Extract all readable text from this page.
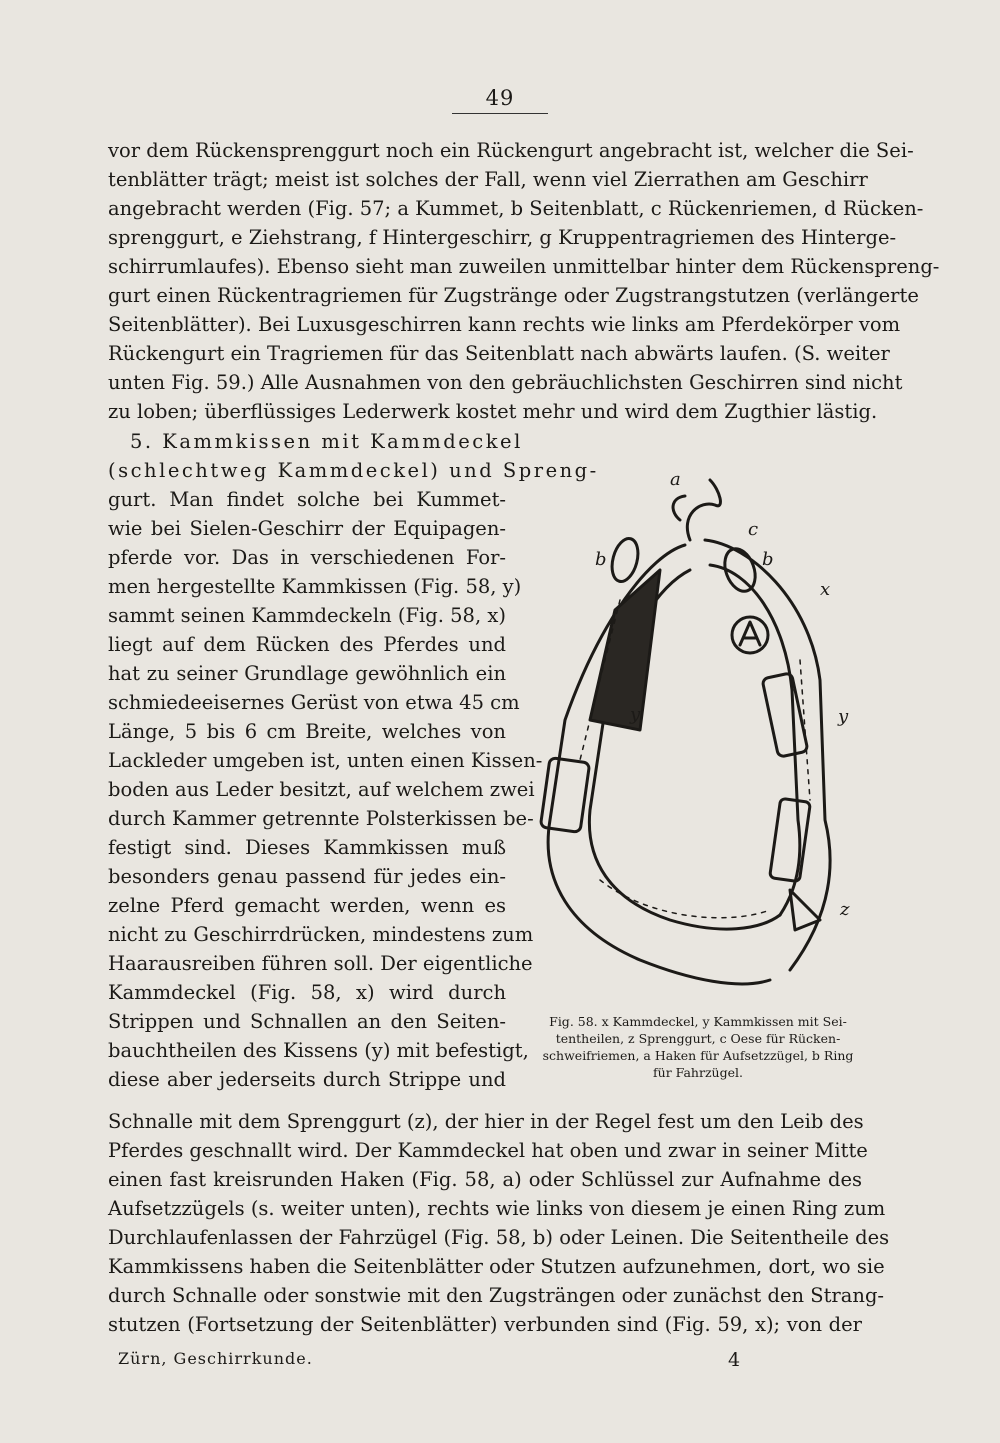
49
vor dem Rückensprenggurt noch ein Rückengurt angebracht ist, welcher die Sei-
tenblätter trägt; meist ist solches der Fall, wenn viel Zierrathen am Geschirr
angebracht werden (Fig. 57; a Kummet, b Seitenblatt, c Rückenriemen, d Rücken-
sprenggurt, e Ziehstrang, f Hintergeschirr, g Kruppentragriemen des Hinterge-
schirrumlaufes). Ebenso sieht man zuweilen unmittelbar hinter dem Rückenspreng-
gurt einen Rückentragriemen für Zugstränge oder Zugstrangstutzen (verlängerte
Seitenblätter). Bei Luxusgeschirren kann rechts wie links am Pferdekörper vom
Rückengurt ein Tragriemen für das Seitenblatt nach abwärts laufen. (S. weiter
unten Fig. 59.) Alle Ausnahmen von den gebräuchlichsten Geschirren sind nicht
zu loben; überflüssiges Lederwerk kostet mehr und wird dem Zugthier lästig.
5. Kammkissen mit Kammdeckel
(schlechtweg Kammdeckel) und Spreng-
gurt. Man findet solche bei Kummet-
wie bei Sielen-Geschirr der Equipagen-
pferde vor. Das in verschiedenen For-
men hergestellte Kammkissen (Fig. 58, y)
sammt seinen Kammdeckeln (Fig. 58, x)
liegt auf dem Rücken des Pferdes und
hat zu seiner Grundlage gewöhnlich ein
schmiedeeisernes Gerüst von etwa 45 cm
Länge, 5 bis 6 cm Breite, welches von
Lackleder umgeben ist, unten einen Kissen-
boden aus Leder besitzt, auf welchem zwei
durch Kammer getrennte Polsterkissen be-
festigt sind. Dieses Kammkissen muß
besonders genau passend für jedes ein-
zelne Pferd gemacht werden, wenn es
nicht zu Geschirrdrücken, mindestens zum
Haarausreiben führen soll. Der eigentliche
Kammdeckel (Fig. 58, x) wird durch
Strippen und Schnallen an den Seiten-
bauchtheilen des Kissens (y) mit befestigt,
diese aber jederseits durch Strippe und
a
b	b
c
x
y	y
z
Fig. 58. x Kammdeckel, y Kammkissen mit Sei-
tentheilen, z Sprenggurt, c Oese für Rücken-
schweifriemen, a Haken für Aufsetzzügel, b Ring
für Fahrzügel.
Schnalle mit dem Sprenggurt (z), der hier in der Regel fest um den Leib des
Pferdes geschnallt wird. Der Kammdeckel hat oben und zwar in seiner Mitte
einen fast kreisrunden Haken (Fig. 58, a) oder Schlüssel zur Aufnahme des
Aufsetzzügels (s. weiter unten), rechts wie links von diesem je einen Ring zum
Durchlaufenlassen der Fahrzügel (Fig. 58, b) oder Leinen. Die Seitentheile des
Kammkissens haben die Seitenblätter oder Stutzen aufzunehmen, dort, wo sie
durch Schnalle oder sonstwie mit den Zugsträngen oder zunächst den Strang-
stutzen (Fortsetzung der Seitenblätter) verbunden sind (Fig. 59, x); von der
Zürn, Geschirrkunde.	4
